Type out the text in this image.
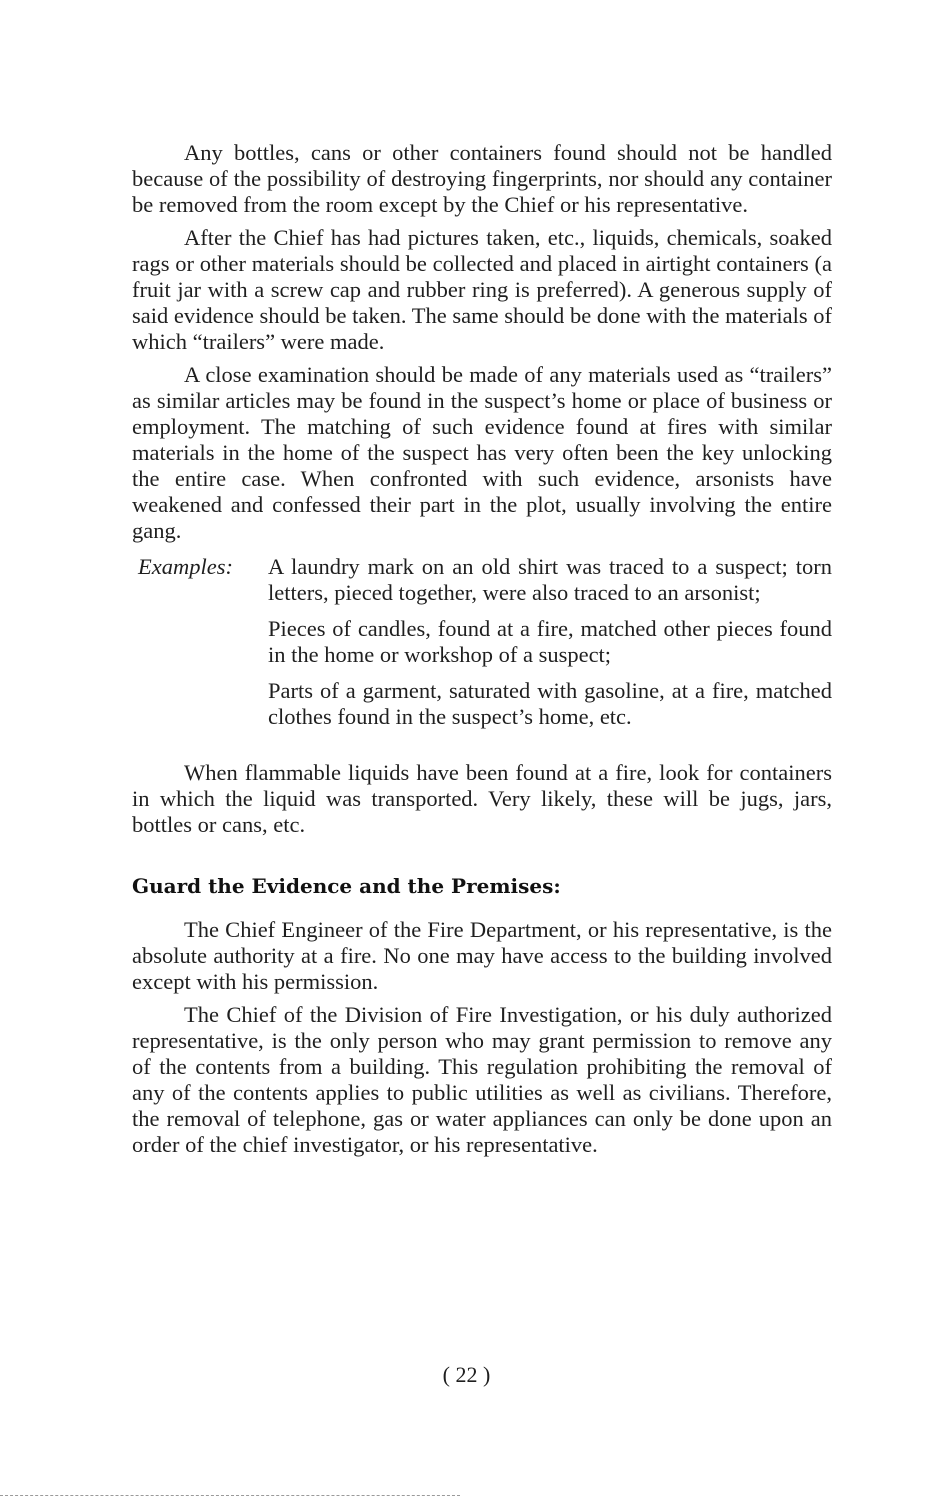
Any bottles, cans or other containers found should not be handled because of the possibility of destroying fingerprints, nor should any container be removed from the room except by the Chief or his representative.

After the Chief has had pictures taken, etc., liquids, chemicals, soaked rags or other materials should be collected and placed in airtight containers (a fruit jar with a screw cap and rubber ring is preferred). A generous supply of said evidence should be taken. The same should be done with the materials of which “trailers” were made.

A close examination should be made of any materials used as “trailers” as similar articles may be found in the suspect’s home or place of business or employment. The matching of such evidence found at fires with similar materials in the home of the suspect has very often been the key unlocking the entire case. When confronted with such evidence, arsonists have weakened and confessed their part in the plot, usually involving the entire gang.

Examples:	A laundry mark on an old shirt was traced to a suspect; torn letters, pieced together, were also traced to an arsonist;

Pieces of candles, found at a fire, matched other pieces found in the home or workshop of a suspect;

Parts of a garment, saturated with gasoline, at a fire, matched clothes found in the suspect’s home, etc.

When flammable liquids have been found at a fire, look for containers in which the liquid was transported. Very likely, these will be jugs, jars, bottles or cans, etc.

Guard the Evidence and the Premises:

The Chief Engineer of the Fire Department, or his representative, is the absolute authority at a fire. No one may have access to the building involved except with his permission.

The Chief of the Division of Fire Investigation, or his duly authorized representative, is the only person who may grant permission to remove any of the contents from a building. This regulation prohibiting the removal of any of the contents applies to public utilities as well as civilians. Therefore, the removal of telephone, gas or water appliances can only be done upon an order of the chief investigator, or his representative.

( 22 )
